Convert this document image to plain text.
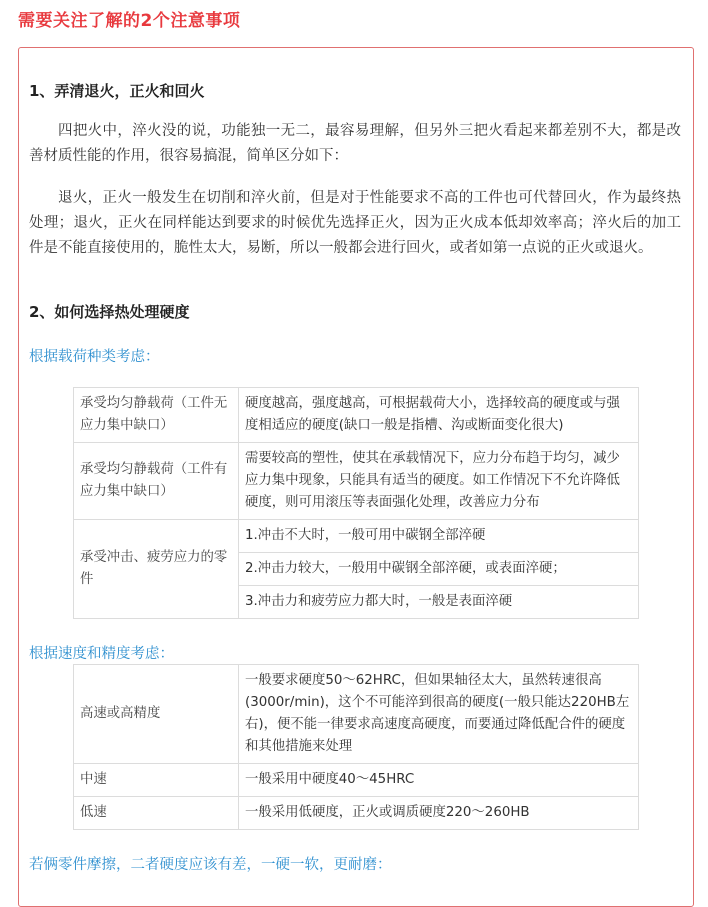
需要关注了解的2个注意事项
1、弄清退火，正火和回火
四把火中，淬火没的说，功能独一无二，最容易理解，但另外三把火看起来都差别不大，都是改善材质性能的作用，很容易搞混，简单区分如下：
退火，正火一般发生在切削和淬火前，但是对于性能要求不高的工件也可代替回火，作为最终热处理；退火，正火在同样能达到要求的时候优先选择正火，因为正火成本低却效率高；淬火后的加工件是不能直接使用的，脆性太大，易断，所以一般都会进行回火，或者如第一点说的正火或退火。
2、如何选择热处理硬度
根据载荷种类考虑：
承受均匀静载荷（工件无应力集中缺口）	硬度越高，强度越高，可根据载荷大小，选择较高的硬度或与强度相适应的硬度(缺口一般是指槽、沟或断面变化很大)
承受均匀静载荷（工件有应力集中缺口）	需要较高的塑性，使其在承载情况下，应力分布趋于均匀，减少应力集中现象，只能具有适当的硬度。如工作情况下不允许降低硬度，则可用滚压等表面强化处理，改善应力分布
承受冲击、疲劳应力的零件	1.冲击不大时，一般可用中碳钢全部淬硬
	2.冲击力较大，一般用中碳钢全部淬硬，或表面淬硬；
	3.冲击力和疲劳应力都大时，一般是表面淬硬
根据速度和精度考虑：
高速或高精度	一般要求硬度50～62HRC，但如果轴径太大，虽然转速很高(3000r/min)，这个不可能淬到很高的硬度(一般只能达220HB左右)，便不能一律要求高速度高硬度，而要通过降低配合件的硬度和其他措施来处理
中速	一般采用中硬度40～45HRC
低速	一般采用低硬度，正火或调质硬度220～260HB
若俩零件摩擦，二者硬度应该有差，一硬一软，更耐磨：
